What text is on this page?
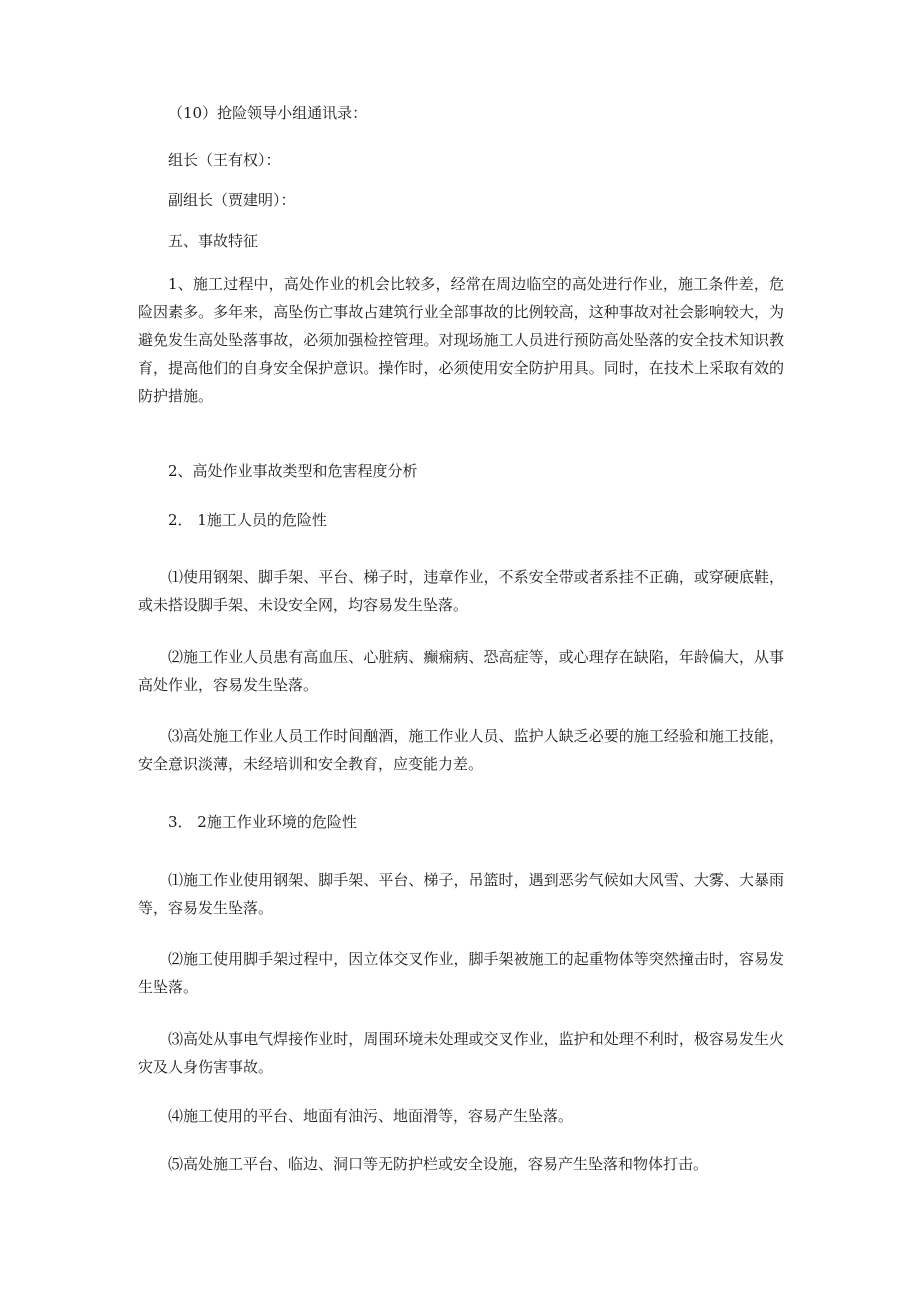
（10）抢险领导小组通讯录：

组长（王有权）：

副组长（贾建明）：

五、事故特征

1、施工过程中，高处作业的机会比较多，经常在周边临空的高处进行作业，施工条件差，危险因素多。多年来，高坠伤亡事故占建筑行业全部事故的比例较高，这种事故对社会影响较大，为避免发生高处坠落事故，必须加强检控管理。对现场施工人员进行预防高处坠落的安全技术知识教育，提高他们的自身安全保护意识。操作时，必须使用安全防护用具。同时，在技术上采取有效的防护措施。

2、高处作业事故类型和危害程度分析

2． 1施工人员的危险性

⑴使用钢架、脚手架、平台、梯子时，违章作业，不系安全带或者系挂不正确，或穿硬底鞋，或未搭设脚手架、未设安全网，均容易发生坠落。

⑵施工作业人员患有高血压、心脏病、癫痫病、恐高症等，或心理存在缺陷，年龄偏大，从事高处作业，容易发生坠落。

⑶高处施工作业人员工作时间酗酒，施工作业人员、监护人缺乏必要的施工经验和施工技能，安全意识淡薄，未经培训和安全教育，应变能力差。

3． 2施工作业环境的危险性

⑴施工作业使用钢架、脚手架、平台、梯子，吊篮时，遇到恶劣气候如大风雪、大雾、大暴雨等，容易发生坠落。

⑵施工使用脚手架过程中，因立体交叉作业，脚手架被施工的起重物体等突然撞击时，容易发生坠落。

⑶高处从事电气焊接作业时，周围环境未处理或交叉作业，监护和处理不利时，极容易发生火灾及人身伤害事故。

⑷施工使用的平台、地面有油污、地面滑等，容易产生坠落。

⑸高处施工平台、临边、洞口等无防护栏或安全设施，容易产生坠落和物体打击。
